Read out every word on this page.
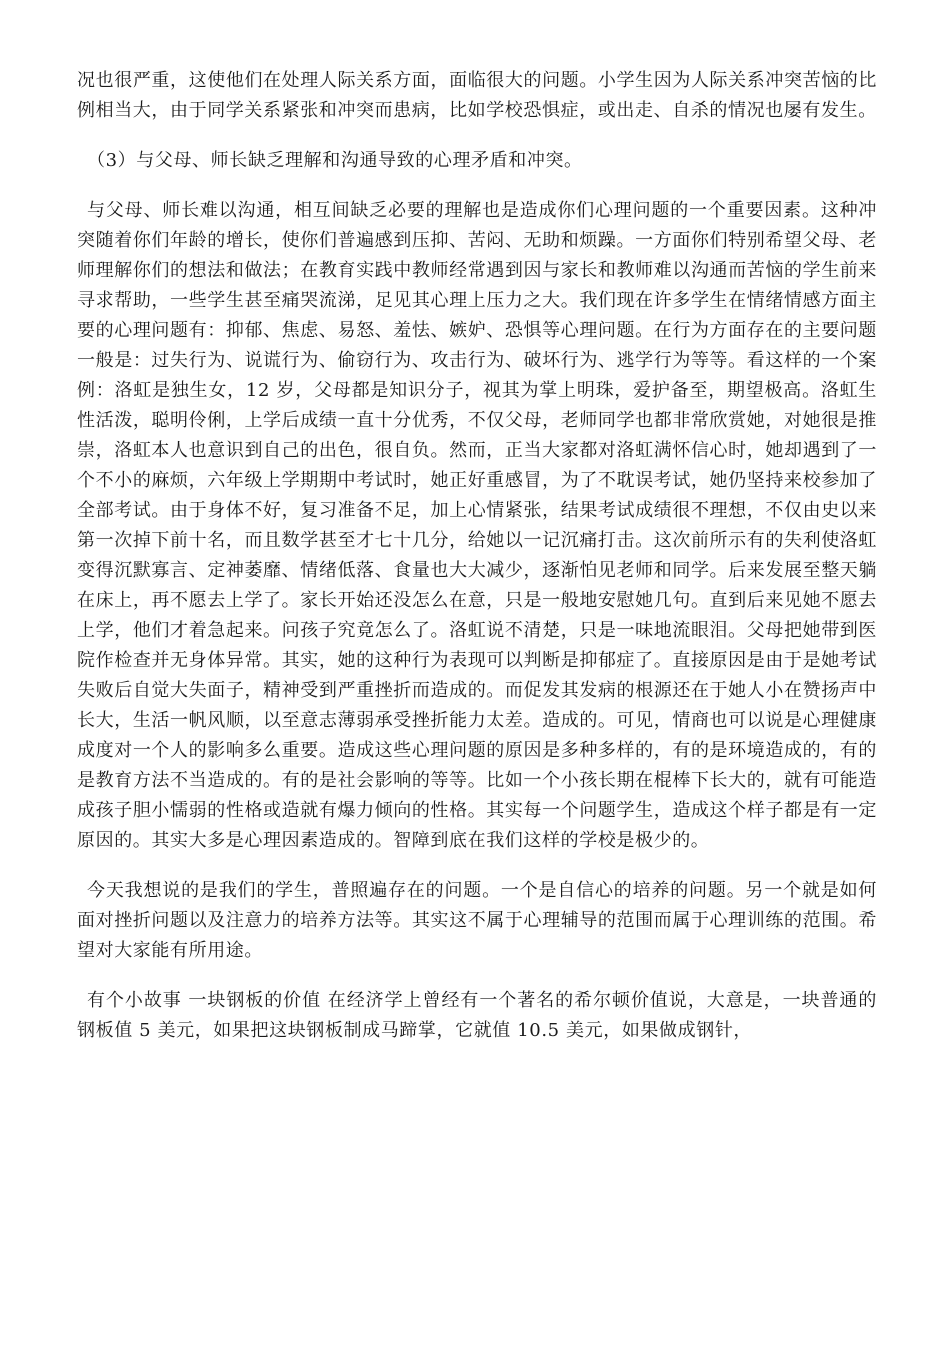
况也很严重，这使他们在处理人际关系方面，面临很大的问题。小学生因为人际关系冲突苦恼的比例相当大，由于同学关系紧张和冲突而患病，比如学校恐惧症，或出走、自杀的情况也屡有发生。

（3）与父母、师长缺乏理解和沟通导致的心理矛盾和冲突。

与父母、师长难以沟通，相互间缺乏必要的理解也是造成你们心理问题的一个重要因素。这种冲突随着你们年龄的增长，使你们普遍感到压抑、苦闷、无助和烦躁。一方面你们特别希望父母、老师理解你们的想法和做法；在教育实践中教师经常遇到因与家长和教师难以沟通而苦恼的学生前来寻求帮助，一些学生甚至痛哭流涕，足见其心理上压力之大。我们现在许多学生在情绪情感方面主要的心理问题有：抑郁、焦虑、易怒、羞怯、嫉妒、恐惧等心理问题。在行为方面存在的主要问题一般是：过失行为、说谎行为、偷窃行为、攻击行为、破坏行为、逃学行为等等。看这样的一个案例：洛虹是独生女，12 岁，父母都是知识分子，视其为掌上明珠，爱护备至，期望极高。洛虹生性活泼，聪明伶俐，上学后成绩一直十分优秀，不仅父母，老师同学也都非常欣赏她，对她很是推崇，洛虹本人也意识到自己的出色，很自负。然而，正当大家都对洛虹满怀信心时，她却遇到了一个不小的麻烦，六年级上学期期中考试时，她正好重感冒，为了不耽误考试，她仍坚持来校参加了全部考试。由于身体不好，复习准备不足，加上心情紧张，结果考试成绩很不理想，不仅由史以来第一次掉下前十名，而且数学甚至才七十几分，给她以一记沉痛打击。这次前所示有的失利使洛虹变得沉默寡言、定神萎靡、情绪低落、食量也大大减少，逐渐怕见老师和同学。后来发展至整天躺在床上，再不愿去上学了。家长开始还没怎么在意，只是一般地安慰她几句。直到后来见她不愿去上学，他们才着急起来。问孩子究竟怎么了。洛虹说不清楚，只是一味地流眼泪。父母把她带到医院作检查并无身体异常。其实，她的这种行为表现可以判断是抑郁症了。直接原因是由于是她考试失败后自觉大失面子，精神受到严重挫折而造成的。而促发其发病的根源还在于她人小在赞扬声中长大，生活一帆风顺，以至意志薄弱承受挫折能力太差。造成的。可见，情商也可以说是心理健康成度对一个人的影响多么重要。造成这些心理问题的原因是多种多样的，有的是环境造成的，有的是教育方法不当造成的。有的是社会影响的等等。比如一个小孩长期在棍棒下长大的，就有可能造成孩子胆小懦弱的性格或造就有爆力倾向的性格。其实每一个问题学生，造成这个样子都是有一定原因的。其实大多是心理因素造成的。智障到底在我们这样的学校是极少的。

今天我想说的是我们的学生，普照遍存在的问题。一个是自信心的培养的问题。另一个就是如何面对挫折问题以及注意力的培养方法等。其实这不属于心理辅导的范围而属于心理训练的范围。希望对大家能有所用途。

有个小故事 一块钢板的价值 在经济学上曾经有一个著名的希尔顿价值说，大意是，一块普通的钢板值 5 美元，如果把这块钢板制成马蹄掌，它就值 10.5 美元，如果做成钢针，
